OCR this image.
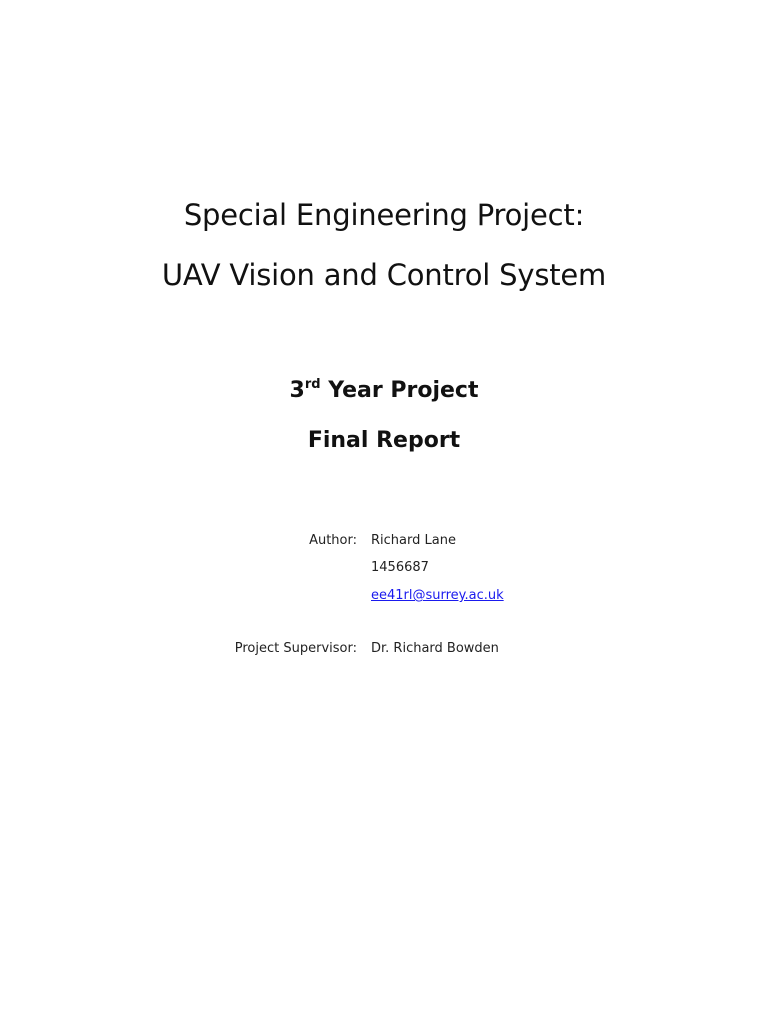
Special Engineering Project:
UAV Vision and Control System
3rd Year Project
Final Report
Author: Richard Lane
1456687
ee41rl@surrey.ac.uk
Project Supervisor: Dr. Richard Bowden
